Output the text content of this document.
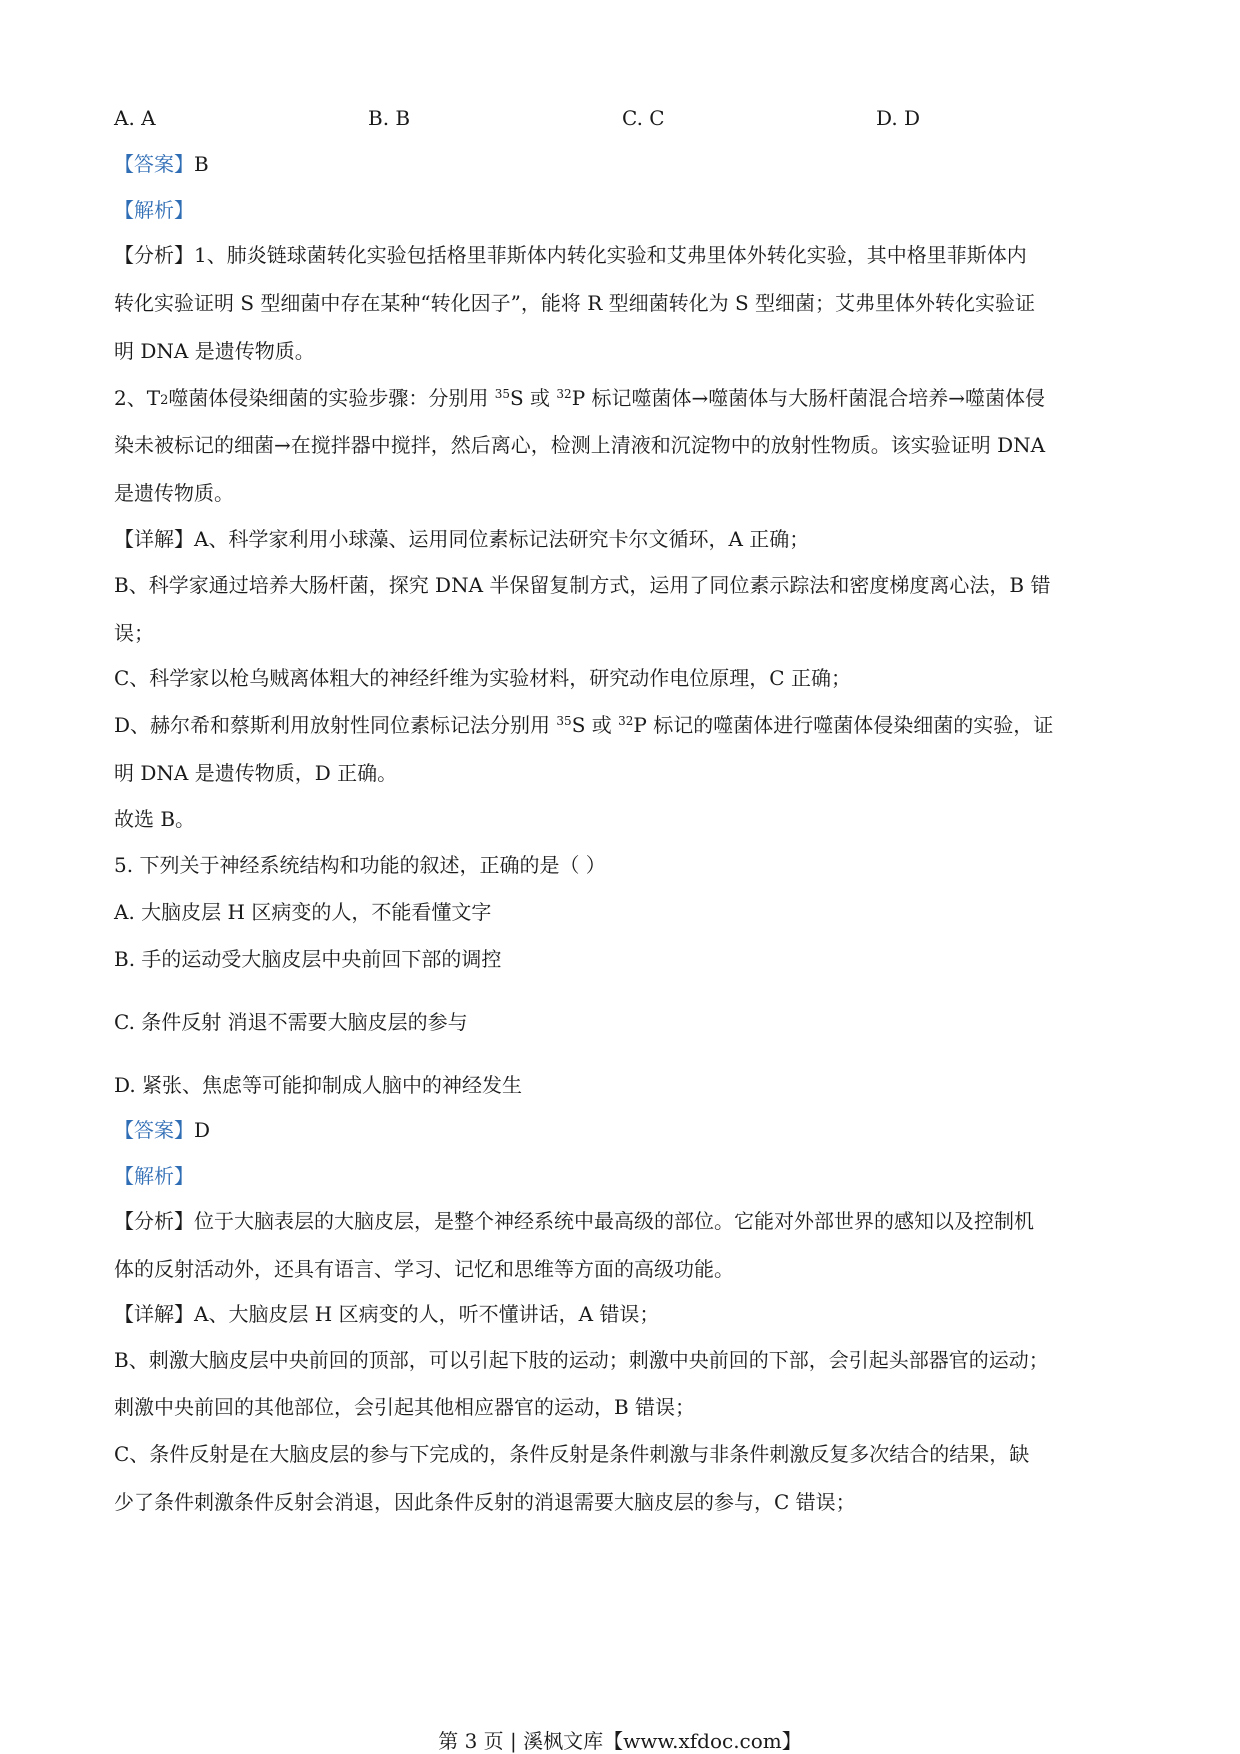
A. A	B. B	C. C	D. D
【答案】B
【解析】
【分析】1、肺炎链球菌转化实验包括格里菲斯体内转化实验和艾弗里体外转化实验，其中格里菲斯体内
转化实验证明 S 型细菌中存在某种“转化因子”，能将 R 型细菌转化为 S 型细菌；艾弗里体外转化实验证
明 DNA 是遗传物质。
2、$T_2$噬菌体侵染细菌的实验步骤：分别用 $^{35}$S 或 $^{32}$P 标记噬菌体→噬菌体与大肠杆菌混合培养→噬菌体侵
染未被标记的细菌→在搅拌器中搅拌，然后离心，检测上清液和沉淀物中的放射性物质。该实验证明 DNA
是遗传物质。
【详解】A、科学家利用小球藻、运用同位素标记法研究卡尔文循环，A 正确；
B、科学家通过培养大肠杆菌，探究 DNA 半保留复制方式，运用了同位素示踪法和密度梯度离心法，B 错
误；
C、科学家以枪乌贼离体粗大的神经纤维为实验材料，研究动作电位原理，C 正确；
D、赫尔希和蔡斯利用放射性同位素标记法分别用 $^{35}$S 或 $^{32}$P 标记的噬菌体进行噬菌体侵染细菌的实验，证
明 DNA 是遗传物质，D 正确。
故选 B。
5. 下列关于神经系统结构和功能的叙述，正确的是（ ）
A. 大脑皮层 H 区病变的人，不能看懂文字
B. 手的运动受大脑皮层中央前回下部的调控
C. 条件反射 消退不需要大脑皮层的参与
D. 紧张、焦虑等可能抑制成人脑中的神经发生
【答案】D
【解析】
【分析】位于大脑表层的大脑皮层，是整个神经系统中最高级的部位。它能对外部世界的感知以及控制机
体的反射活动外，还具有语言、学习、记忆和思维等方面的高级功能。
【详解】A、大脑皮层 H 区病变的人，听不懂讲话，A 错误；
B、刺激大脑皮层中央前回的顶部，可以引起下肢的运动；刺激中央前回的下部，会引起头部器官的运动；
刺激中央前回的其他部位，会引起其他相应器官的运动，B 错误；
C、条件反射是在大脑皮层的参与下完成的，条件反射是条件刺激与非条件刺激反复多次结合的结果，缺
少了条件刺激条件反射会消退，因此条件反射的消退需要大脑皮层的参与，C 错误；
第 3 页 | 溪枫文库【www.xfdoc.com】
